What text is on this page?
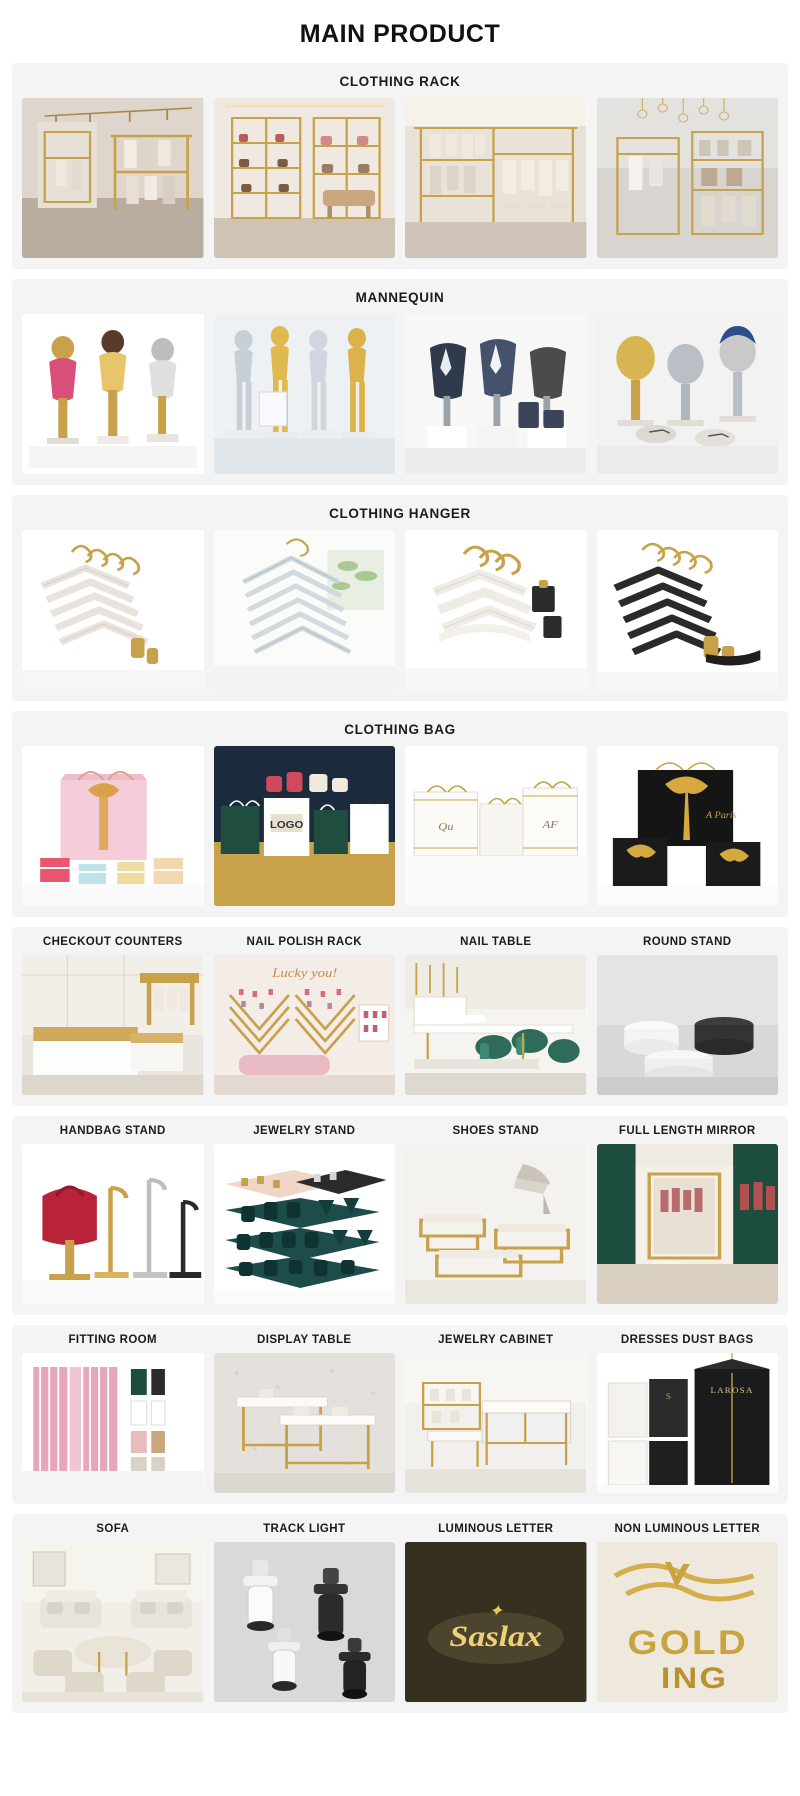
MAIN PRODUCT
CLOTHING RACK
MANNEQUIN
CLOTHING HANGER
CLOTHING BAG
LOGO	Qu	AF
A Paris
CHECKOUT COUNTERS	NAIL POLISH RACK
Lucky you!
NAIL TABLE	ROUND STAND
HANDBAG STAND	JEWELRY STAND	SHOES STAND	FULL LENGTH MIRROR
FITTING ROOM	DISPLAY TABLE	JEWELRY CABINET	DRESSES DUST BAGS
S
LAROSA
SOFA	TRACK LIGHT	LUMINOUS LETTER
✦
Saslax
NON LUMINOUS LETTER
GOLD
ING
